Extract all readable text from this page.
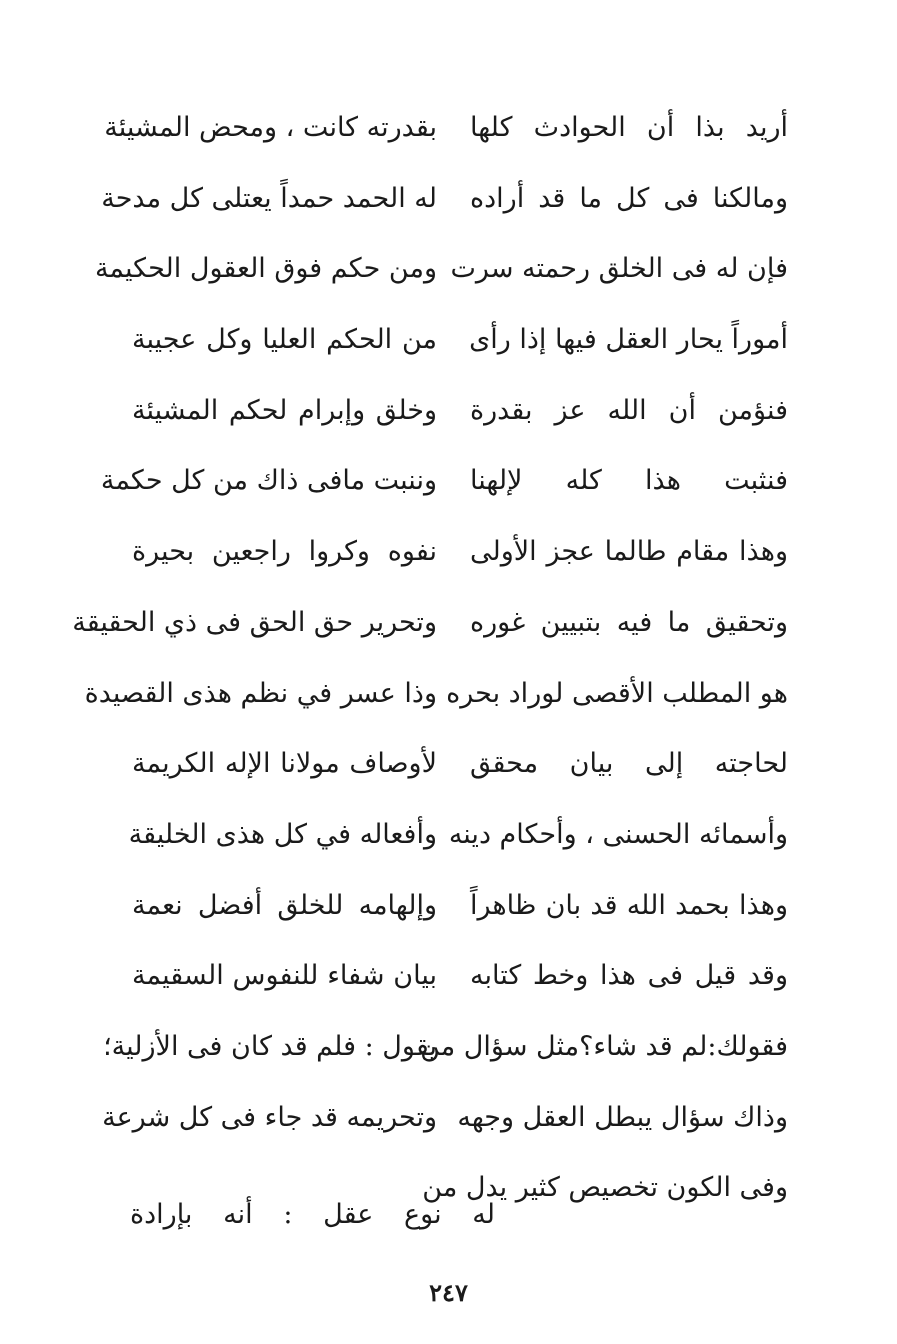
أريد بذا أن الحوادث كلها
بقدرته كانت ، ومحض المشيئة
ومالكنا فى كل ما قد أراده
له الحمد حمداً يعتلى كل مدحة
فإن له فى الخلق رحمته سرت
ومن حكم فوق العقول الحكيمة
أموراً يحار العقل فيها إذا رأى
من الحكم العليا وكل عجيبة
فنؤمن أن الله عز بقدرة
وخلق وإبرام لحكم المشيئة
فنثبت هذا كله لإلهنا
وننبت مافى ذاك من كل حكمة
وهذا مقام طالما عجز الأولى
نفوه وكروا راجعين بحيرة
وتحقيق ما فيه بتبيين غوره
وتحرير حق الحق فى ذي الحقيقة
هو المطلب الأقصى لوراد بحره
وذا عسر في نظم هذى القصيدة
لحاجته إلى بيان محقق
لأوصاف مولانا الإله الكريمة
وأسمائه الحسنى ، وأحكام دينه
وأفعاله في كل هذى الخليقة
وهذا بحمد الله قد بان ظاهراً
وإلهامه للخلق أفضل نعمة
وقد قيل فى هذا وخط كتابه
بيان شفاء للنفوس السقيمة
فقولك:لم قد شاء؟مثل سؤال من
يقول : فلم قد كان فى الأزلية؛
وذاك سؤال يبطل العقل وجهه
وتحريمه قد جاء فى كل شرعة
وفى الكون تخصيص كثير يدل من
له نوع عقل : أنه بإرادة
٢٤٧
